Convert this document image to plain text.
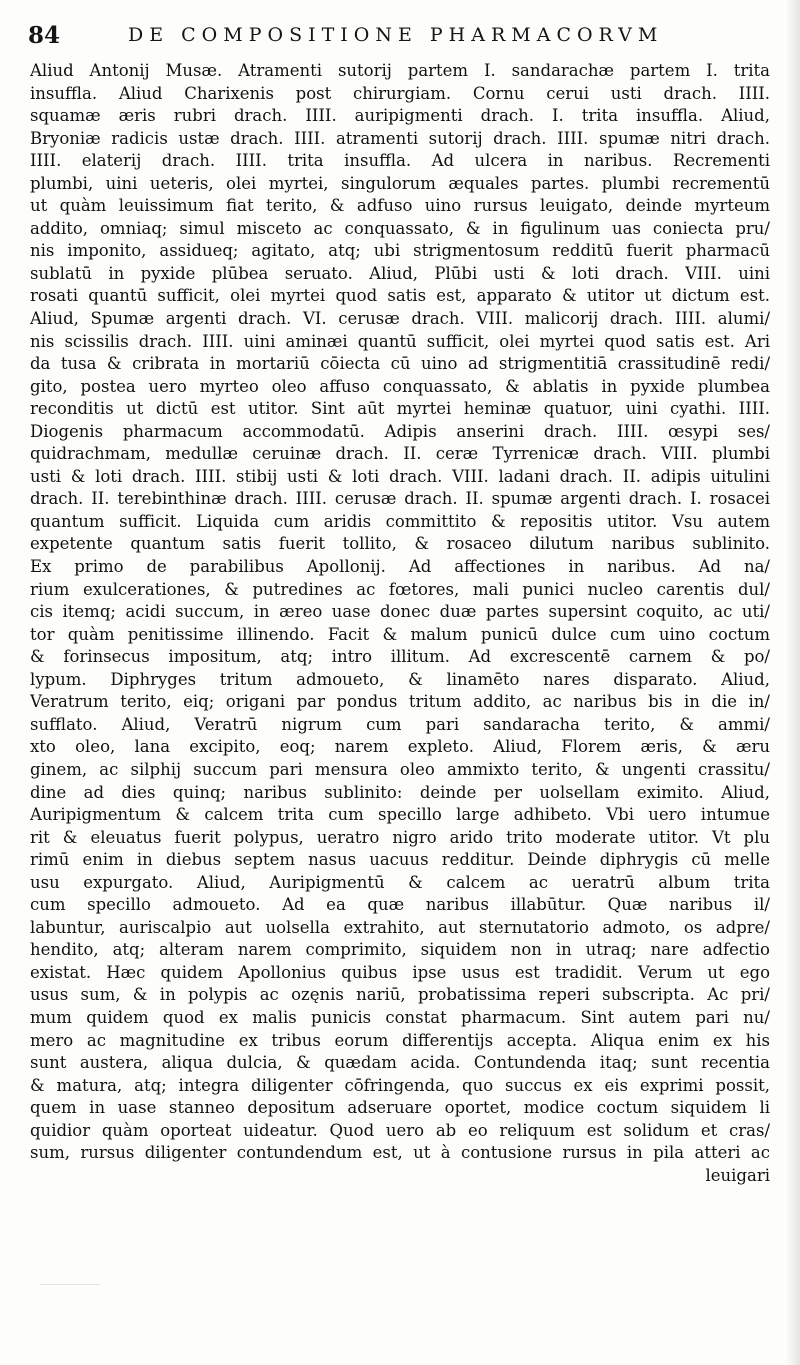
84	DE COMPOSITIONE PHARMACORVM
Aliud Antonij Musæ. Atramenti sutorij partem I. sandarachæ partem I. trita
insuffla. Aliud Charixenis post chirurgiam. Cornu cerui usti drach. IIII.
squamæ æris rubri drach. IIII. auripigmenti drach. I. trita insuffla. Aliud,
Bryoniæ radicis ustæ drach. IIII. atramenti sutorij drach. IIII. spumæ nitri drach.
IIII. elaterij drach. IIII. trita insuffla. Ad ulcera in naribus. Recrementi
plumbi, uini ueteris, olei myrtei, singulorum æquales partes. plumbi recrementū
ut quàm leuissimum fiat terito, & adfuso uino rursus leuigato, deinde myrteum
addito, omniaq; simul misceto ac conquassato, & in figulinum uas coniecta pru/
nis imponito, assidueq; agitato, atq; ubi strigmentosum redditū fuerit pharmacū
sublatū in pyxide plūbea seruato. Aliud, Plūbi usti & loti drach. VIII. uini
rosati quantū sufficit, olei myrtei quod satis est, apparato & utitor ut dictum est.
Aliud, Spumæ argenti drach. VI. cerusæ drach. VIII. malicorij drach. IIII. alumi/
nis scissilis drach. IIII. uini aminæi quantū sufficit, olei myrtei quod satis est. Ari
da tusa & cribrata in mortariū cōiecta cū uino ad strigmentitiā crassitudinē redi/
gito, postea uero myrteo oleo affuso conquassato, & ablatis in pyxide plumbea
reconditis ut dictū est utitor. Sint aūt myrtei heminæ quatuor, uini cyathi. IIII.
Diogenis pharmacum accommodatū. Adipis anserini drach. IIII. œsypi ses/
quidrachmam, medullæ ceruinæ drach. II. ceræ Tyrrenicæ drach. VIII. plumbi
usti & loti drach. IIII. stibij usti & loti drach. VIII. ladani drach. II. adipis uitulini
drach. II. terebinthinæ drach. IIII. cerusæ drach. II. spumæ argenti drach. I. rosacei
quantum sufficit. Liquida cum aridis committito & repositis utitor. Vsu autem
expetente quantum satis fuerit tollito, & rosaceo dilutum naribus sublinito.
Ex primo de parabilibus Apollonij. Ad affectiones in naribus. Ad na/
rium exulcerationes, & putredines ac fœtores, mali punici nucleo carentis dul/
cis itemq; acidi succum, in æreo uase donec duæ partes supersint coquito, ac uti/
tor quàm penitissime illinendo. Facit & malum punicū dulce cum uino coctum
& forinsecus impositum, atq; intro illitum. Ad excrescentē carnem & po/
lypum. Diphryges tritum admoueto, & linamēto nares disparato. Aliud,
Veratrum terito, eiq; origani par pondus tritum addito, ac naribus bis in die in/
sufflato. Aliud, Veratrū nigrum cum pari sandaracha terito, & ammi/
xto oleo, lana excipito, eoq; narem expleto. Aliud, Florem æris, & æru
ginem, ac silphij succum pari mensura oleo ammixto terito, & ungenti crassitu/
dine ad dies quinq; naribus sublinito: deinde per uolsellam eximito. Aliud,
Auripigmentum & calcem trita cum specillo large adhibeto. Vbi uero intumue
rit & eleuatus fuerit polypus, ueratro nigro arido trito moderate utitor. Vt plu
rimū enim in diebus septem nasus uacuus redditur. Deinde diphrygis cū melle
usu expurgato. Aliud, Auripigmentū & calcem ac ueratrū album trita
cum specillo admoueto. Ad ea quæ naribus illabūtur. Quæ naribus il/
labuntur, auriscalpio aut uolsella extrahito, aut sternutatorio admoto, os adpre/
hendito, atq; alteram narem comprimito, siquidem non in utraq; nare adfectio
existat. Hæc quidem Apollonius quibus ipse usus est tradidit. Verum ut ego
usus sum, & in polypis ac ozęnis nariū, probatissima reperi subscripta. Ac pri/
mum quidem quod ex malis punicis constat pharmacum. Sint autem pari nu/
mero ac magnitudine ex tribus eorum differentijs accepta. Aliqua enim ex his
sunt austera, aliqua dulcia, & quædam acida. Contundenda itaq; sunt recentia
& matura, atq; integra diligenter cōfringenda, quo succus ex eis exprimi possit,
quem in uase stanneo depositum adseruare oportet, modice coctum siquidem li
quidior quàm oporteat uideatur. Quod uero ab eo reliquum est solidum et cras/
sum, rursus diligenter contundendum est, ut à contusione rursus in pila atteri ac
leuigari
